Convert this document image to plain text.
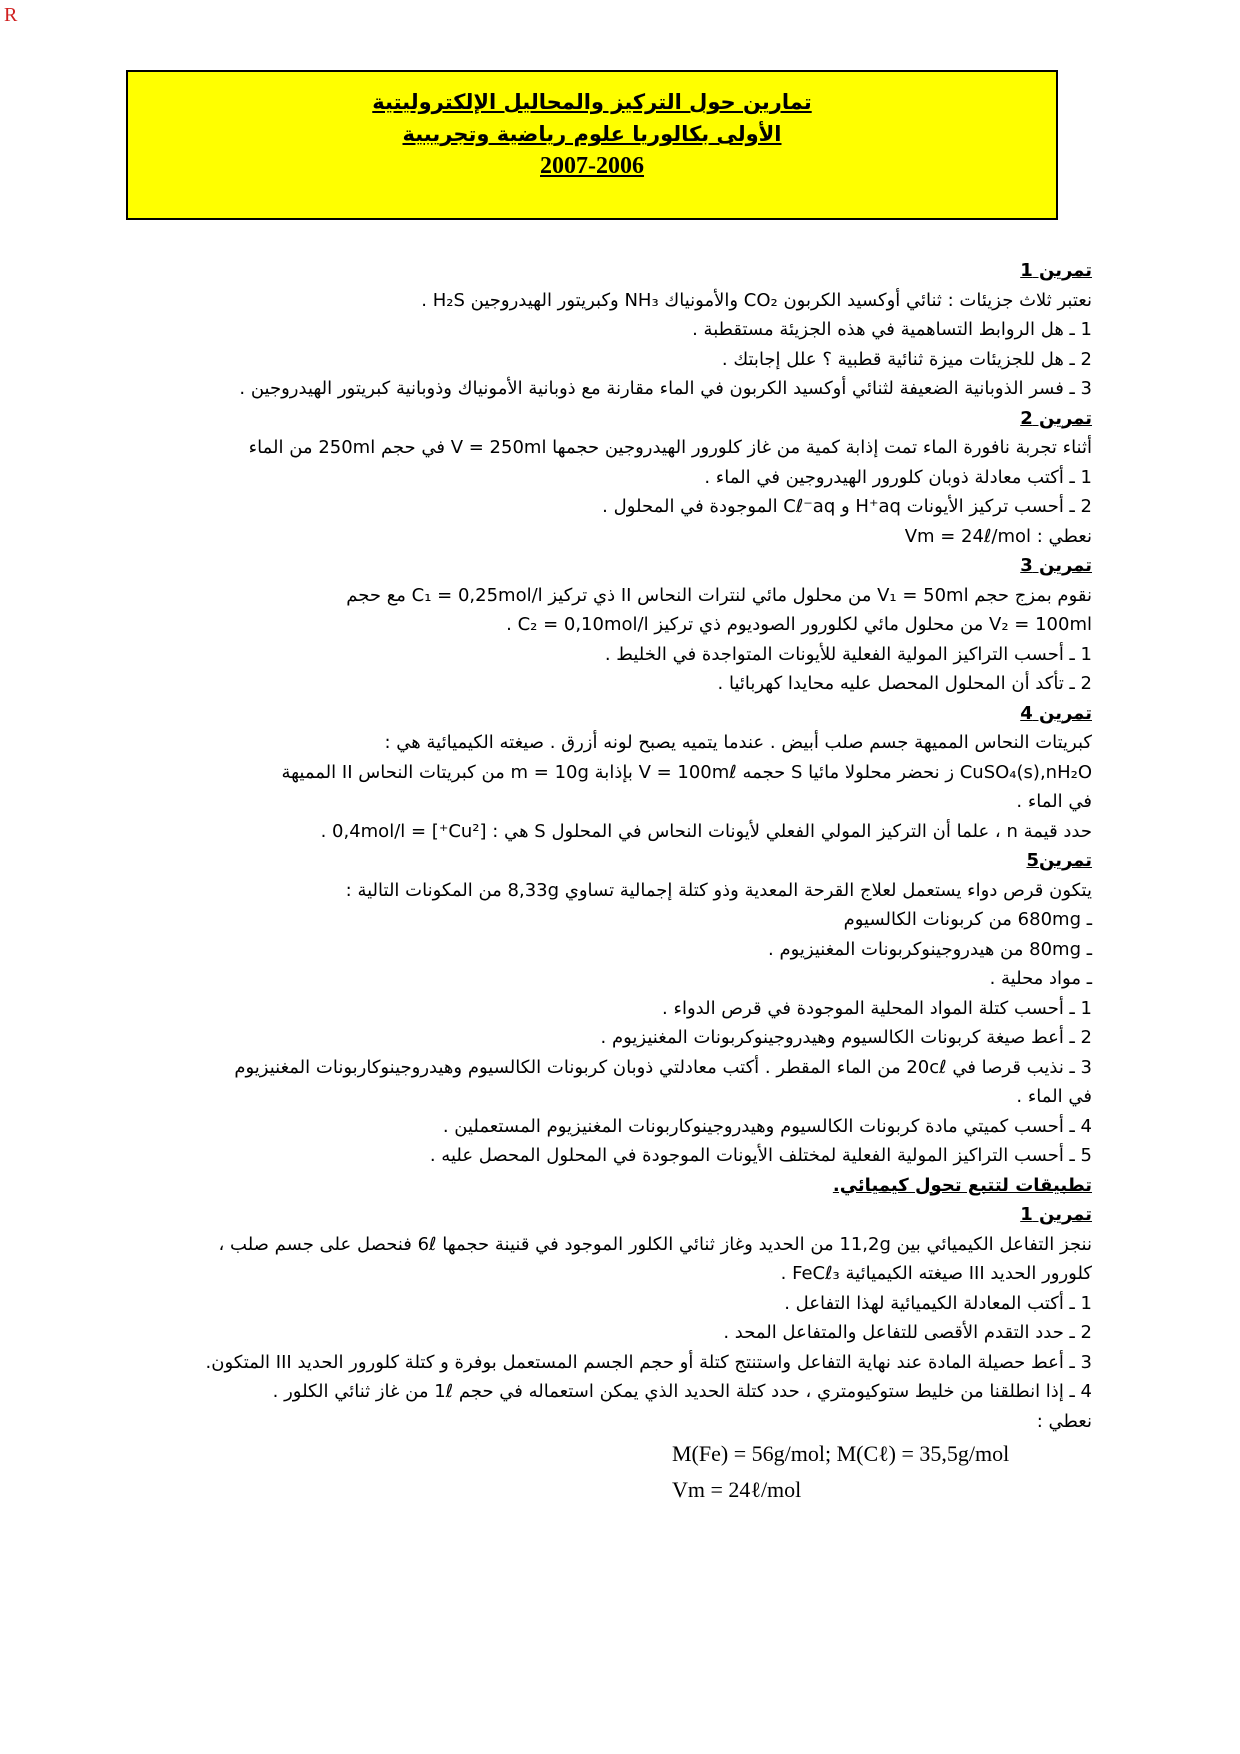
R
تمارين حول التركيز والمحاليل الإلكتروليتية
الأولى بكالوريا علوم رياضية وتجريبية
2007-2006
تمرين 1
نعتبر ثلاث جزيئات : ثنائي أوكسيد الكربون CO₂ والأمونياك NH₃ وكبريتور الهيدروجين H₂S .
1 ـ هل الروابط التساهمية في هذه الجزيئة مستقطبة .
2 ـ هل للجزيئات ميزة ثنائية قطبية ؟ علل إجابتك .
3 ـ فسر الذوبانية الضعيفة لثنائي أوكسيد الكربون في الماء مقارنة مع ذوبانية الأمونياك وذوبانية كبريتور الهيدروجين .
تمرين 2
أثناء تجربة نافورة الماء تمت إذابة كمية من غاز كلورور الهيدروجين حجمها V = 250ml في حجم 250ml من الماء
1 ـ أكتب معادلة ذوبان كلورور الهيدروجين في الماء .
2 ـ أحسب تركيز الأيونات H⁺aq و Cℓ⁻aq الموجودة في المحلول .
نعطي : Vm = 24ℓ/mol
تمرين 3
نقوم بمزج حجم V₁ = 50ml من محلول مائي لنترات النحاس II ذي تركيز C₁ = 0,25mol/l مع حجم
V₂ = 100ml من محلول مائي لكلورور الصوديوم ذي تركيز C₂ = 0,10mol/l .
1 ـ أحسب التراكيز المولية الفعلية للأيونات المتواجدة في الخليط .
2 ـ تأكد أن المحلول المحصل عليه محايدا كهربائيا .
تمرين 4
كبريتات النحاس المميهة جسم صلب أبيض . عندما يتميه يصبح لونه أزرق . صيغته الكيميائية هي :
CuSO₄(s),nH₂O ز نحضر محلولا مائيا S حجمه V = 100mℓ بإذابة m = 10g من كبريتات النحاس II المميهة
في الماء .
حدد قيمة n ، علما أن التركيز المولي الفعلي لأيونات النحاس في المحلول S هي : [Cu²⁺] = 0,4mol/l .
تمرين5
يتكون قرص دواء يستعمل لعلاج القرحة المعدية وذو كتلة إجمالية تساوي 8,33g من المكونات التالية :
ـ 680mg من كربونات الكالسيوم
ـ 80mg من هيدروجينوكربونات المغنيزيوم .
ـ مواد محلية .
1 ـ أحسب كتلة المواد المحلية الموجودة في قرص الدواء .
2 ـ أعط صيغة كربونات الكالسيوم وهيدروجينوكربونات المغنيزيوم .
3 ـ نذيب قرصا في 20cℓ من الماء المقطر . أكتب معادلتي ذوبان كربونات الكالسيوم وهيدروجينوكاربونات المغنيزيوم
في الماء .
4 ـ أحسب كميتي مادة كربونات الكالسيوم وهيدروجينوكاربونات المغنيزيوم المستعملين .
5 ـ أحسب التراكيز المولية الفعلية لمختلف الأيونات الموجودة في المحلول المحصل عليه .
تطبيقات لتتبع تحول كيميائي.
تمرين 1
ننجز التفاعل الكيميائي بين 11,2g من الحديد وغاز ثنائي الكلور الموجود في قنينة حجمها 6ℓ فنحصل على جسم صلب ،
كلورور الحديد III صيغته الكيميائية FeCℓ₃ .
1 ـ أكتب المعادلة الكيميائية لهذا التفاعل .
2 ـ حدد التقدم الأقصى للتفاعل والمتفاعل المحد .
3 ـ أعط حصيلة المادة عند نهاية التفاعل واستنتج كتلة أو حجم الجسم المستعمل بوفرة و كتلة كلورور الحديد III المتكون.
4 ـ إذا انطلقنا من خليط ستوكيومتري ، حدد كتلة الحديد الذي يمكن استعماله في حجم 1ℓ من غاز ثنائي الكلور .
نعطي :
M(Fe) = 56g/mol; M(Cℓ) = 35,5g/mol
Vm = 24ℓ/mol
